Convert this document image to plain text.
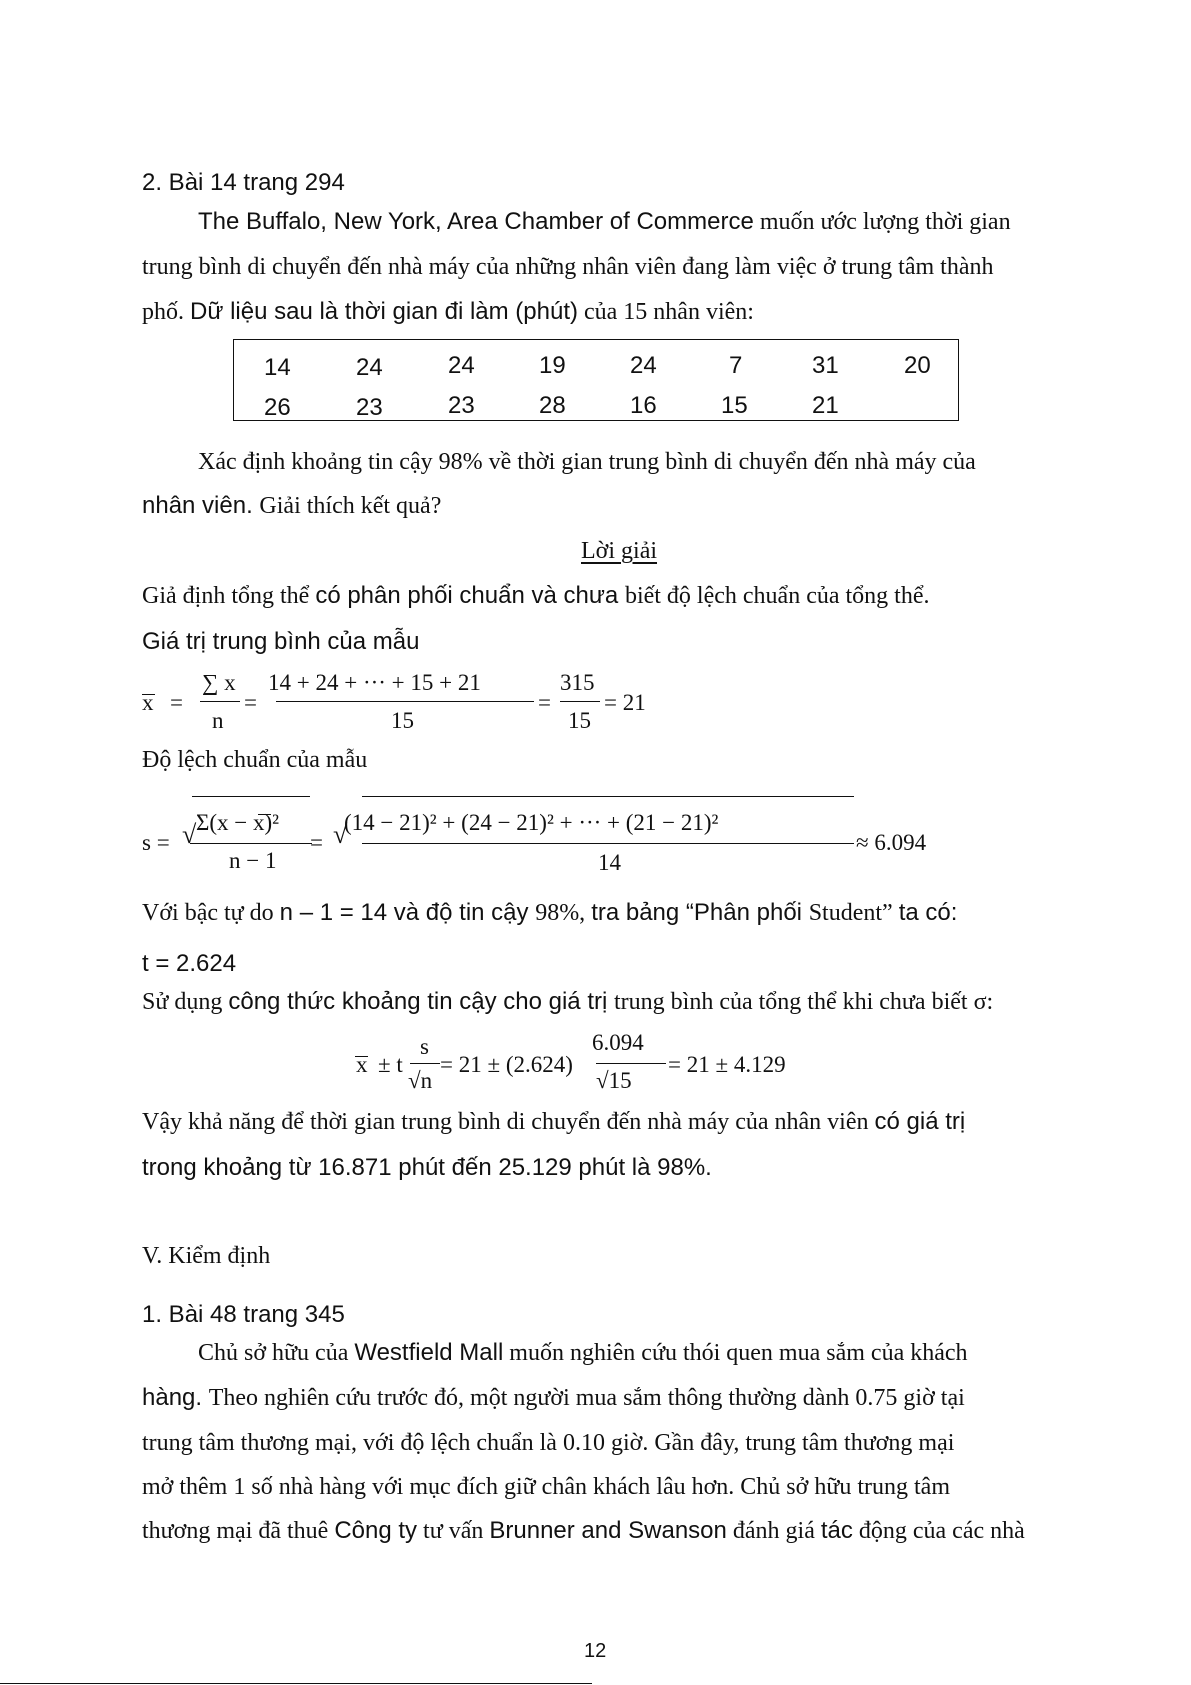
2. Bài 14 trang 294
The Buffalo, New York, Area Chamber of Commerce muốn ước lượng thời gian
trung bình di chuyển đến nhà máy của những nhân viên đang làm việc ở trung tâm thành
phố. Dữ liệu sau là thời gian đi làm (phút) của 15 nhân viên:
14	24	24	19	24	7	31	20
26	23	23	28	16	15	21
Xác định khoảng tin cậy 98% về thời gian trung bình di chuyển đến nhà máy của
nhân viên. Giải thích kết quả?
Lời giải
Giả định tổng thể có phân phối chuẩn và chưa biết độ lệch chuẩn của tổng thể.
Giá trị trung bình của mẫu
x =
∑ x
n
=
14 + 24 + ··· + 15 + 21
15
=
315
15
= 21
Độ lệch chuẩn của mẫu
s = √ Σ(x − x)²
n − 1
= √
(14 − 21)² + (24 − 21)² + ··· + (21 − 21)²
14
≈ 6.094
Với bậc tự do n – 1 = 14 và độ tin cậy 98%, tra bảng “Phân phối Student” ta có:
t = 2.624
Sử dụng công thức khoảng tin cậy cho giá trị trung bình của tổng thể khi chưa biết σ:
x ± t
s
√n
= 21 ± (2.624)
6.094
√15
= 21 ± 4.129
Vậy khả năng để thời gian trung bình di chuyển đến nhà máy của nhân viên có giá trị
trong khoảng từ 16.871 phút đến 25.129 phút là 98%.
V. Kiểm định
1. Bài 48 trang 345
Chủ sở hữu của Westfield Mall muốn nghiên cứu thói quen mua sắm của khách
hàng. Theo nghiên cứu trước đó, một người mua sắm thông thường dành 0.75 giờ tại
trung tâm thương mại, với độ lệch chuẩn là 0.10 giờ. Gần đây, trung tâm thương mại
mở thêm 1 số nhà hàng với mục đích giữ chân khách lâu hơn. Chủ sở hữu trung tâm
thương mại đã thuê Công ty tư vấn Brunner and Swanson đánh giá tác động của các nhà
12
